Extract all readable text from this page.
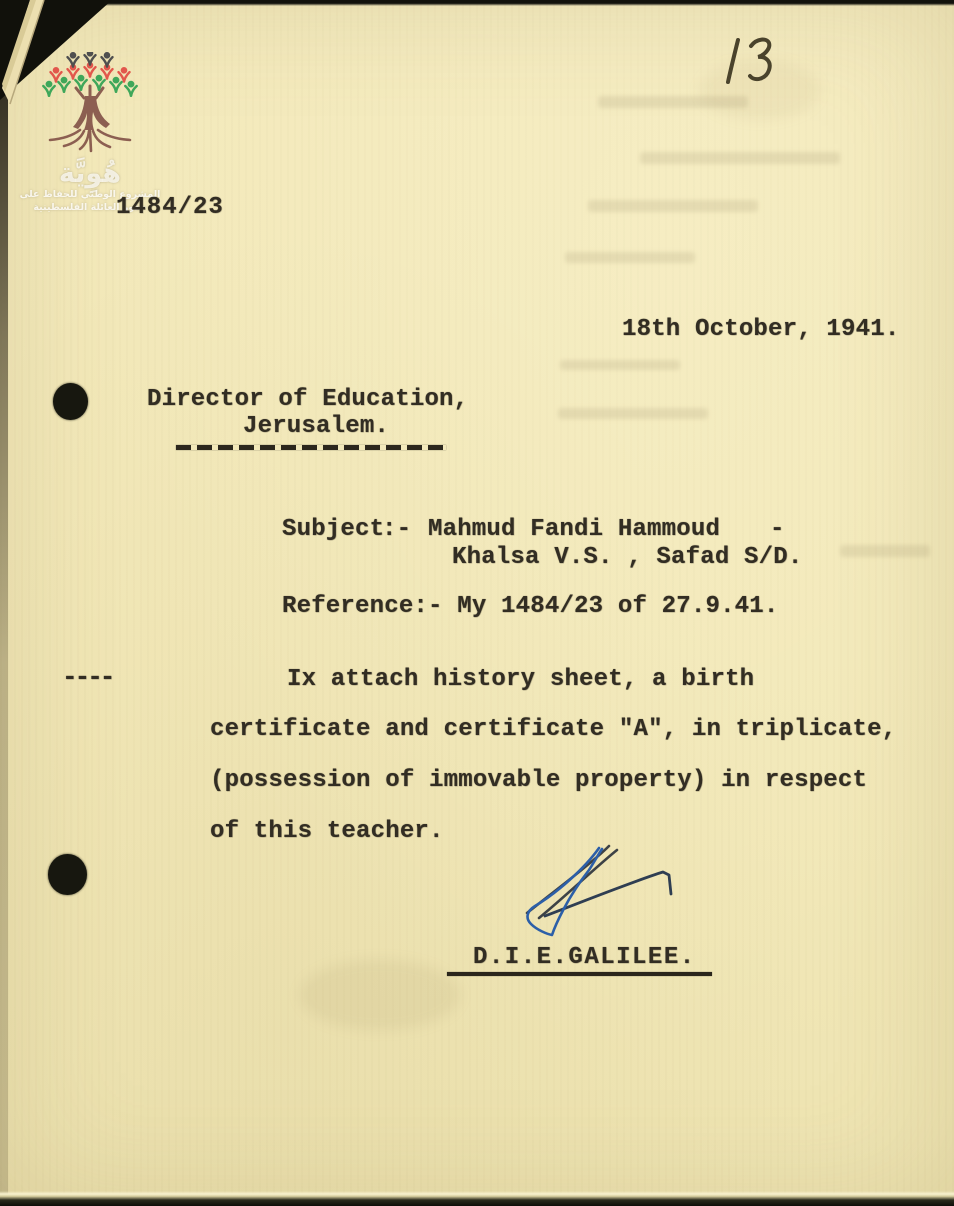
هُوِيَّة
المشروع الوطني للحفاظ على
جذور العائلة الفلسطينية
1484/23
18th October, 1941.
Director of Education,
Jerusalem.
Subject
:- Mahmud Fandi Hammoud -
Khalsa V.S. , Safad S/D.
Reference:- My 1484/23 of 27.9.41.
----	Ix attach history sheet, a birth
certificate and certificate "A", in triplicate,
(possession of immovable property) in respect
of this teacher.
D.I.E.GALILEE.
